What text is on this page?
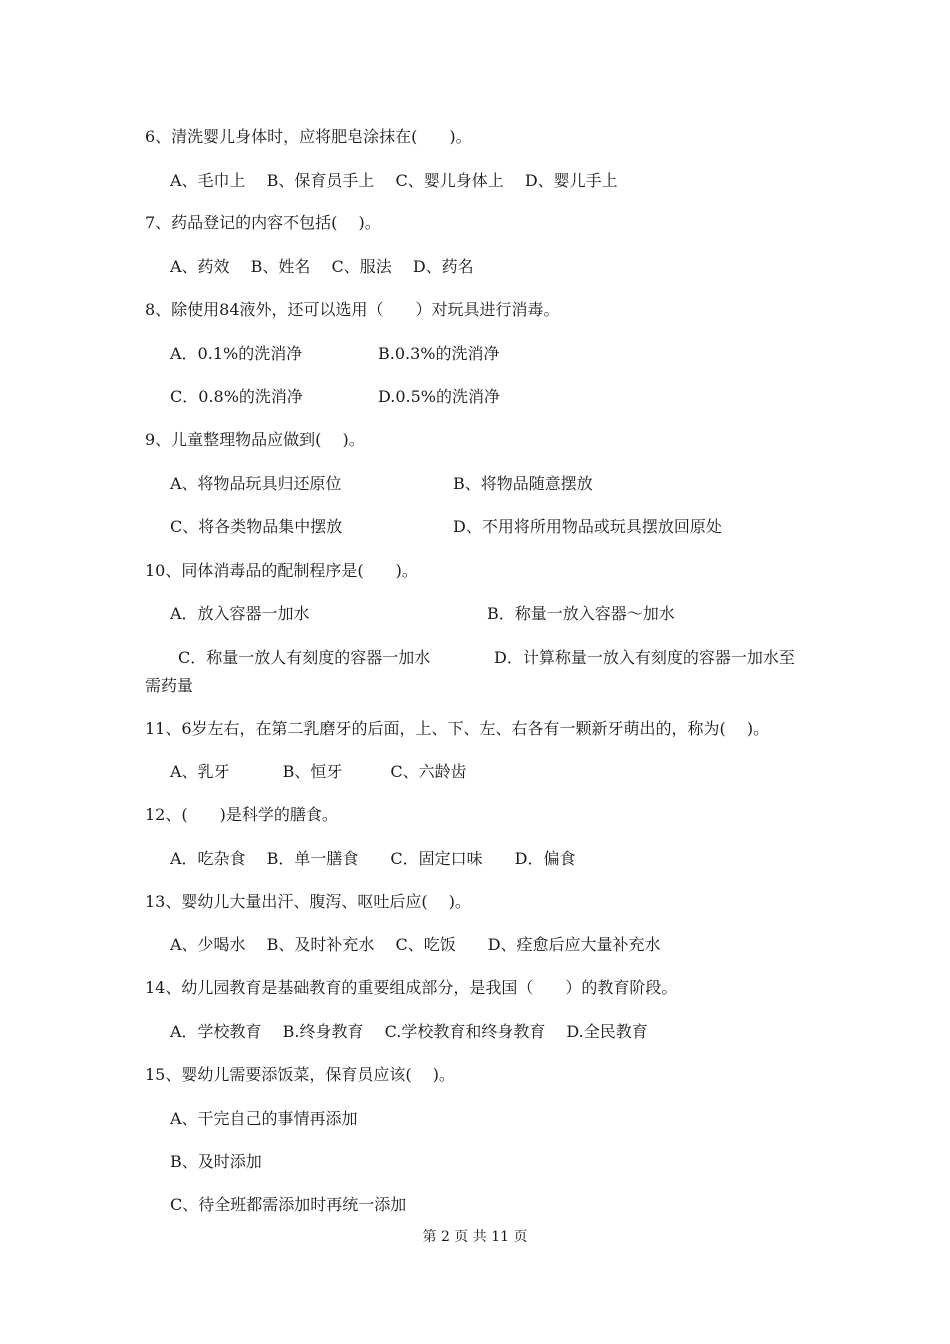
6、清洗婴儿身体时，应将肥皂涂抹在(　　)。
A、毛巾上　 B、保育员手上　 C、婴儿身体上　 D、婴儿手上
7、药品登记的内容不包括(　 )。
A、药效　 B、姓名　 C、服法　 D、药名
8、除使用84液外，还可以选用（　　）对玩具进行消毒。
A．0.1%的洗消净	B.0.3%的洗消净
C．0.8%的洗消净	D.0.5%的洗消净
9、儿童整理物品应做到(　 )。
A、将物品玩具归还原位	B、将物品随意摆放
C、将各类物品集中摆放	D、不用将所用物品或玩具摆放回原处
10、同体消毒品的配制程序是(　　)。
A．放入容器一加水	B．称量一放入容器～加水
C．称量一放人有刻度的容器一加水	D．计算称量一放入有刻度的容器一加水至
需药量
11、6岁左右，在第二乳磨牙的后面，上、下、左、右各有一颗新牙萌出的，称为(　 )。
A、乳牙　　　 B、恒牙　　　C、六龄齿
12、(　　)是科学的膳食。
A．吃杂食　 B．单一膳食　　C．固定口味　　D．偏食
13、婴幼儿大量出汗、腹泻、呕吐后应(　 )。
A、少喝水　 B、及时补充水　 C、吃饭　　D、痊愈后应大量补充水
14、幼儿园教育是基础教育的重要组成部分，是我国（　　）的教育阶段。
A．学校教育　 B.终身教育　 C.学校教育和终身教育　 D.全民教育
15、婴幼儿需要添饭菜，保育员应该(　 )。
A、干完自己的事情再添加
B、及时添加
C、待全班都需添加时再统一添加
第 2 页 共 11 页
